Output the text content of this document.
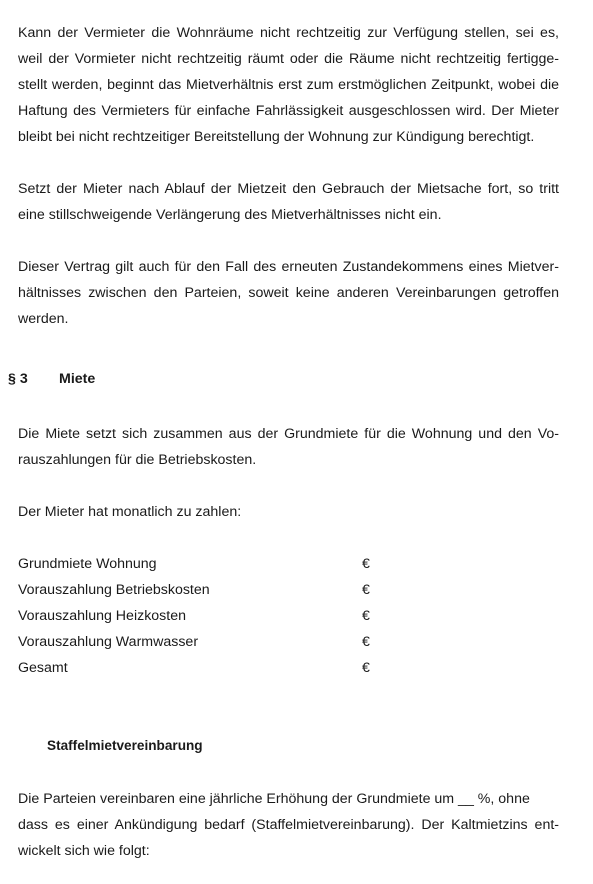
Kann der Vermieter die Wohnräume nicht rechtzeitig zur Verfügung stellen, sei es,
weil der Vormieter nicht rechtzeitig räumt oder die Räume nicht rechtzeitig fertigge-
stellt werden, beginnt das Mietverhältnis erst zum erstmöglichen Zeitpunkt, wobei die
Haftung des Vermieters für einfache Fahrlässigkeit ausgeschlossen wird. Der Mieter
bleibt bei nicht rechtzeitiger Bereitstellung der Wohnung zur Kündigung berechtigt.
Setzt der Mieter nach Ablauf der Mietzeit den Gebrauch der Mietsache fort, so tritt
eine stillschweigende Verlängerung des Mietverhältnisses nicht ein.
Dieser Vertrag gilt auch für den Fall des erneuten Zustandekommens eines Mietver-
hältnisses zwischen den Parteien, soweit keine anderen Vereinbarungen getroffen
werden.
§ 3 Miete
Die Miete setzt sich zusammen aus der Grundmiete für die Wohnung und den Vo-
rauszahlungen für die Betriebskosten.
Der Mieter hat monatlich zu zahlen:
Grundmiete Wohnung	€
Vorauszahlung Betriebskosten	€
Vorauszahlung Heizkosten	€
Vorauszahlung Warmwasser	€
Gesamt	€
Staffelmietvereinbarung
Die Parteien vereinbaren eine jährliche Erhöhung der Grundmiete um __ %, ohne
dass es einer Ankündigung bedarf (Staffelmietvereinbarung). Der Kaltmietzins ent-
wickelt sich wie folgt:
